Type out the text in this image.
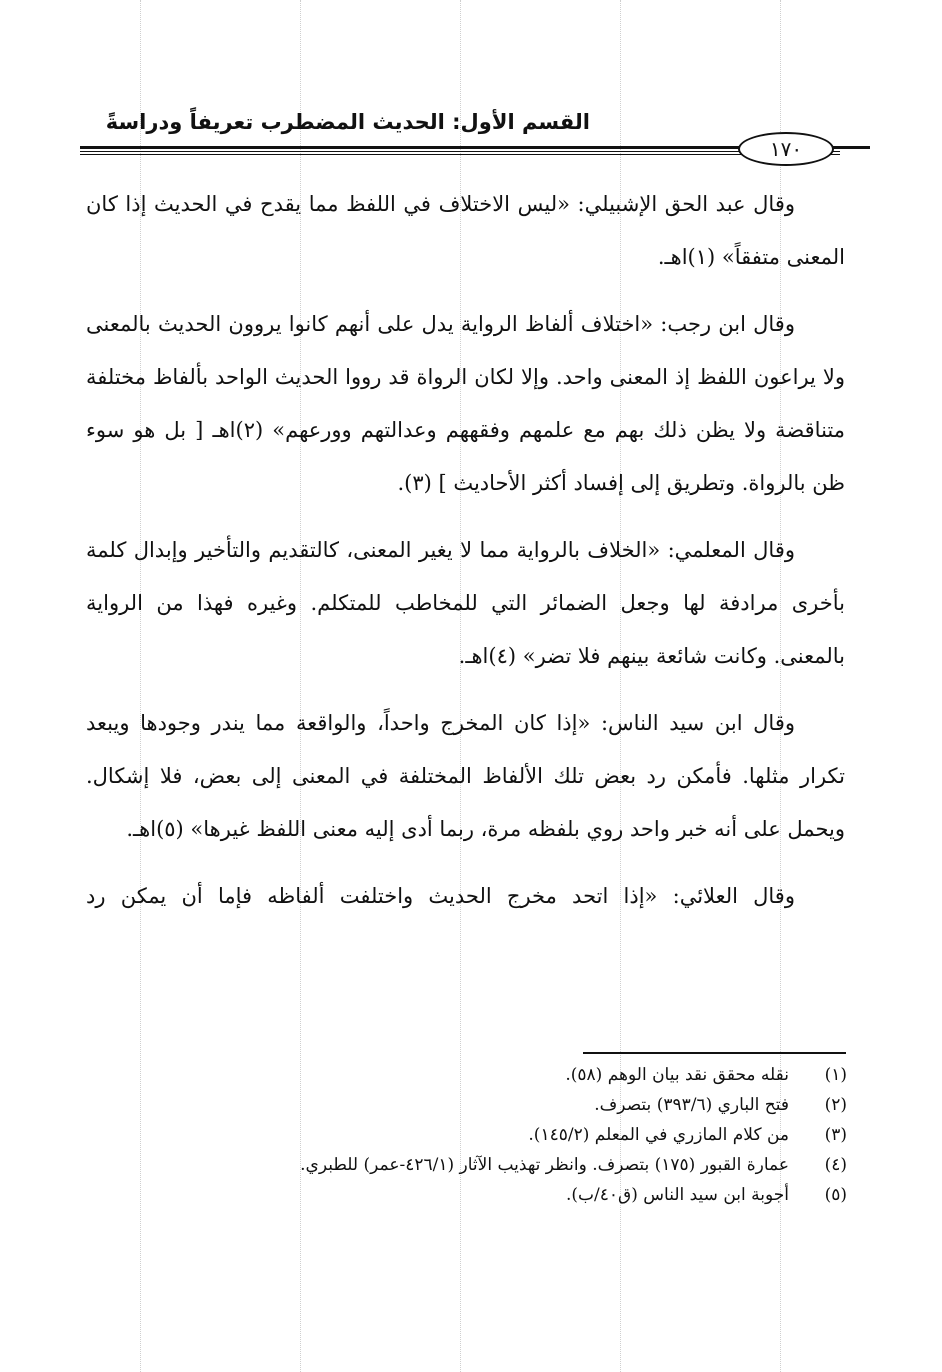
القسم الأول: الحديث المضطرب تعريفاً ودراسةً
١٧٠

وقال عبد الحق الإشبيلي: «ليس الاختلاف في اللفظ مما يقدح في الحديث إذا كان المعنى متفقاً» (١)اهـ.

وقال ابن رجب: «اختلاف ألفاظ الرواية يدل على أنهم كانوا يروون الحديث بالمعنى ولا يراعون اللفظ إذ المعنى واحد. وإلا لكان الرواة قد رووا الحديث الواحد بألفاظ مختلفة متناقضة ولا يظن ذلك بهم مع علمهم وفقههم وعدالتهم وورعهم» (٢)اهـ [ بل هو سوء ظن بالرواة. وتطريق إلى إفساد أكثر الأحاديث ] (٣).

وقال المعلمي: «الخلاف بالرواية مما لا يغير المعنى، كالتقديم والتأخير وإبدال كلمة بأخرى مرادفة لها وجعل الضمائر التي للمخاطب للمتكلم. وغيره فهذا من الرواية بالمعنى. وكانت شائعة بينهم فلا تضر» (٤)اهـ.

وقال ابن سيد الناس: «إذا كان المخرج واحداً، والواقعة مما يندر وجودها ويبعد تكرار مثلها. فأمكن رد بعض تلك الألفاظ المختلفة في المعنى إلى بعض، فلا إشكال. ويحمل على أنه خبر واحد روي بلفظه مرة، ربما أدى إليه معنى اللفظ غيرها» (٥)اهـ.

وقال العلائي: «إذا اتحد مخرج الحديث واختلفت ألفاظه فإما أن يمكن رد

(١)
نقله محقق نقد بيان الوهم (٥٨).
(٢)
فتح الباري (٣٩٣/٦) بتصرف.
(٣)
من كلام المازري في المعلم (١٤٥/٢).
(٤)
عمارة القبور (١٧٥) بتصرف. وانظر تهذيب الآثار (٤٢٦/١-عمر) للطبري.
(٥)
أجوبة ابن سيد الناس (ق٤٠/ب).
